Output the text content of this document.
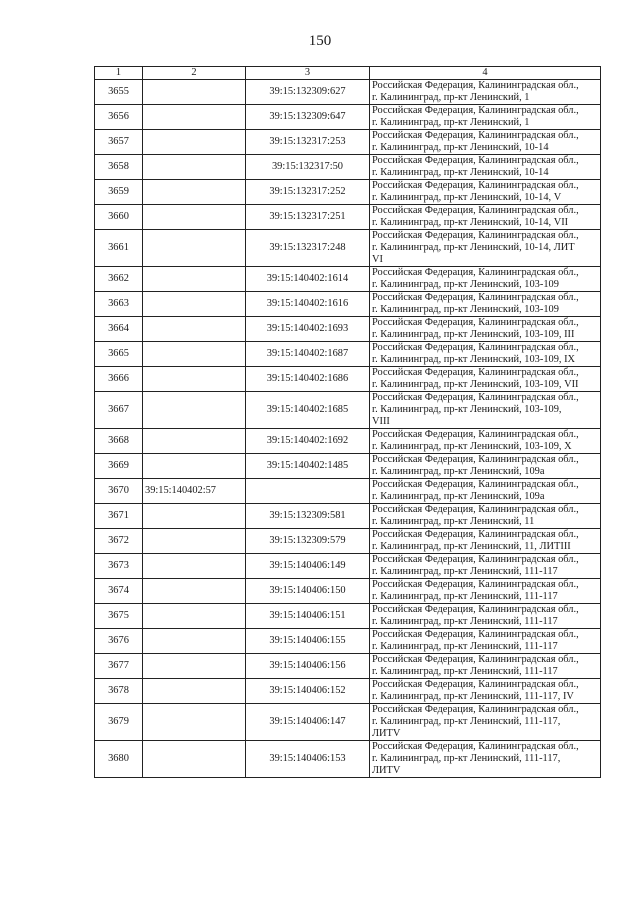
150
1	2	3	4
3655		39:15:132309:627	Российская Федерация, Калининградская обл.,
г. Калининград, пр-кт Ленинский, 1

3656		39:15:132309:647	Российская Федерация, Калининградская обл.,
г. Калининград, пр-кт Ленинский, 1

3657		39:15:132317:253	Российская Федерация, Калининградская обл.,
г. Калининград, пр-кт Ленинский, 10-14

3658		39:15:132317:50	Российская Федерация, Калининградская обл.,
г. Калининград, пр-кт Ленинский, 10-14

3659		39:15:132317:252	Российская Федерация, Калининградская обл.,
г. Калининград, пр-кт Ленинский, 10-14, V

3660		39:15:132317:251	Российская Федерация, Калининградская обл.,
г. Калининград, пр-кт Ленинский, 10-14, VII

3661		39:15:132317:248	Российская Федерация, Калининградская обл.,
г. Калининград, пр-кт Ленинский, 10-14, ЛИТ
VI

3662		39:15:140402:1614	Российская Федерация, Калининградская обл.,
г. Калининград, пр-кт Ленинский, 103-109

3663		39:15:140402:1616	Российская Федерация, Калининградская обл.,
г. Калининград, пр-кт Ленинский, 103-109

3664		39:15:140402:1693	Российская Федерация, Калининградская обл.,
г. Калининград, пр-кт Ленинский, 103-109, III

3665		39:15:140402:1687	Российская Федерация, Калининградская обл.,
г. Калининград, пр-кт Ленинский, 103-109, IX

3666		39:15:140402:1686	Российская Федерация, Калининградская обл.,
г. Калининград, пр-кт Ленинский, 103-109, VII

3667		39:15:140402:1685	Российская Федерация, Калининградская обл.,
г. Калининград, пр-кт Ленинский, 103-109,
VIII

3668		39:15:140402:1692	Российская Федерация, Калининградская обл.,
г. Калининград, пр-кт Ленинский, 103-109, X

3669		39:15:140402:1485	Российская Федерация, Калининградская обл.,
г. Калининград, пр-кт Ленинский, 109а

3670	39:15:140402:57		Российская Федерация, Калининградская обл.,
г. Калининград, пр-кт Ленинский, 109а

3671		39:15:132309:581	Российская Федерация, Калининградская обл.,
г. Калининград, пр-кт Ленинский, 11

3672		39:15:132309:579	Российская Федерация, Калининградская обл.,
г. Калининград, пр-кт Ленинский, 11, ЛИТIII

3673		39:15:140406:149	Российская Федерация, Калининградская обл.,
г. Калининград, пр-кт Ленинский, 111-117

3674		39:15:140406:150	Российская Федерация, Калининградская обл.,
г. Калининград, пр-кт Ленинский, 111-117

3675		39:15:140406:151	Российская Федерация, Калининградская обл.,
г. Калининград, пр-кт Ленинский, 111-117

3676		39:15:140406:155	Российская Федерация, Калининградская обл.,
г. Калининград, пр-кт Ленинский, 111-117

3677		39:15:140406:156	Российская Федерация, Калининградская обл.,
г. Калининград, пр-кт Ленинский, 111-117

3678		39:15:140406:152	Российская Федерация, Калининградская обл.,
г. Калининград, пр-кт Ленинский, 111-117, IV

3679		39:15:140406:147	Российская Федерация, Калининградская обл.,
г. Калининград, пр-кт Ленинский, 111-117,
ЛИТV

3680		39:15:140406:153	Российская Федерация, Калининградская обл.,
г. Калининград, пр-кт Ленинский, 111-117,
ЛИТV
